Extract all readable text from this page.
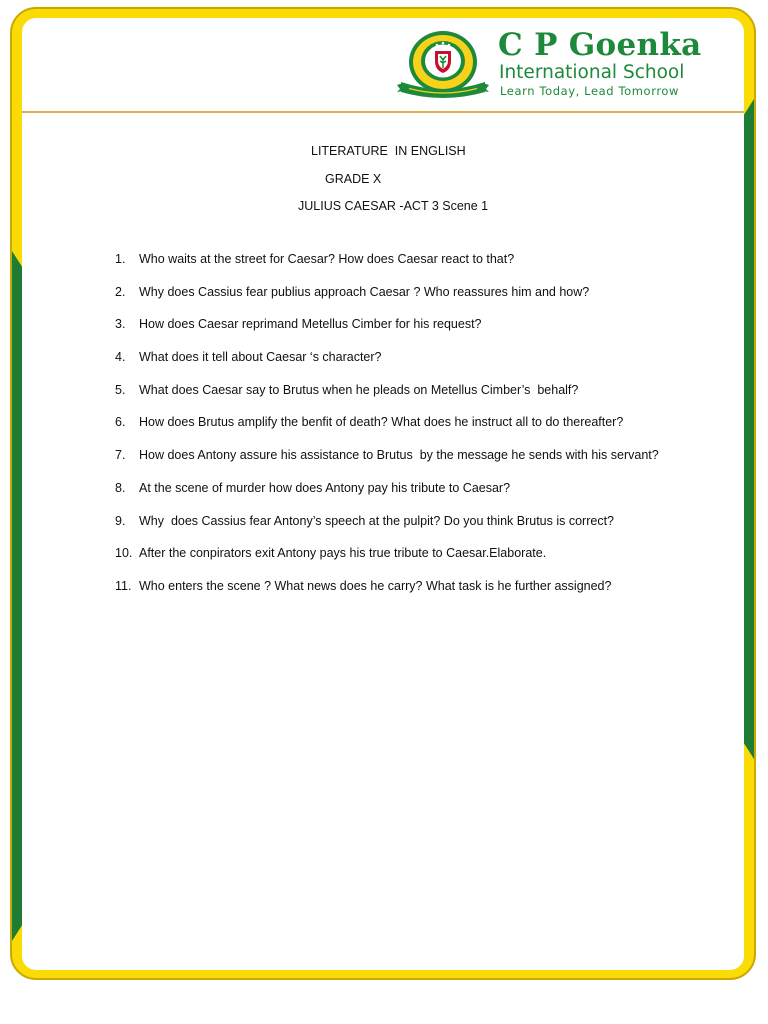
C P Goenka
International School
Learn Today, Lead Tomorrow
LITERATURE  IN ENGLISH
GRADE X
JULIUS CAESAR -ACT 3 Scene 1
1. Who waits at the street for Caesar? How does Caesar react to that?
2. Why does Cassius fear publius approach Caesar ? Who reassures him and how?
3. How does Caesar reprimand Metellus Cimber for his request?
4. What does it tell about Caesar ‘s character?
5. What does Caesar say to Brutus when he pleads on Metellus Cimber’s  behalf?
6. How does Brutus amplify the benfit of death? What does he instruct all to do thereafter?
7. How does Antony assure his assistance to Brutus  by the message he sends with his servant?
8. At the scene of murder how does Antony pay his tribute to Caesar?
9. Why  does Cassius fear Antony’s speech at the pulpit? Do you think Brutus is correct?
10. After the conpirators exit Antony pays his true tribute to Caesar.Elaborate.
11. Who enters the scene ? What news does he carry? What task is he further assigned?
